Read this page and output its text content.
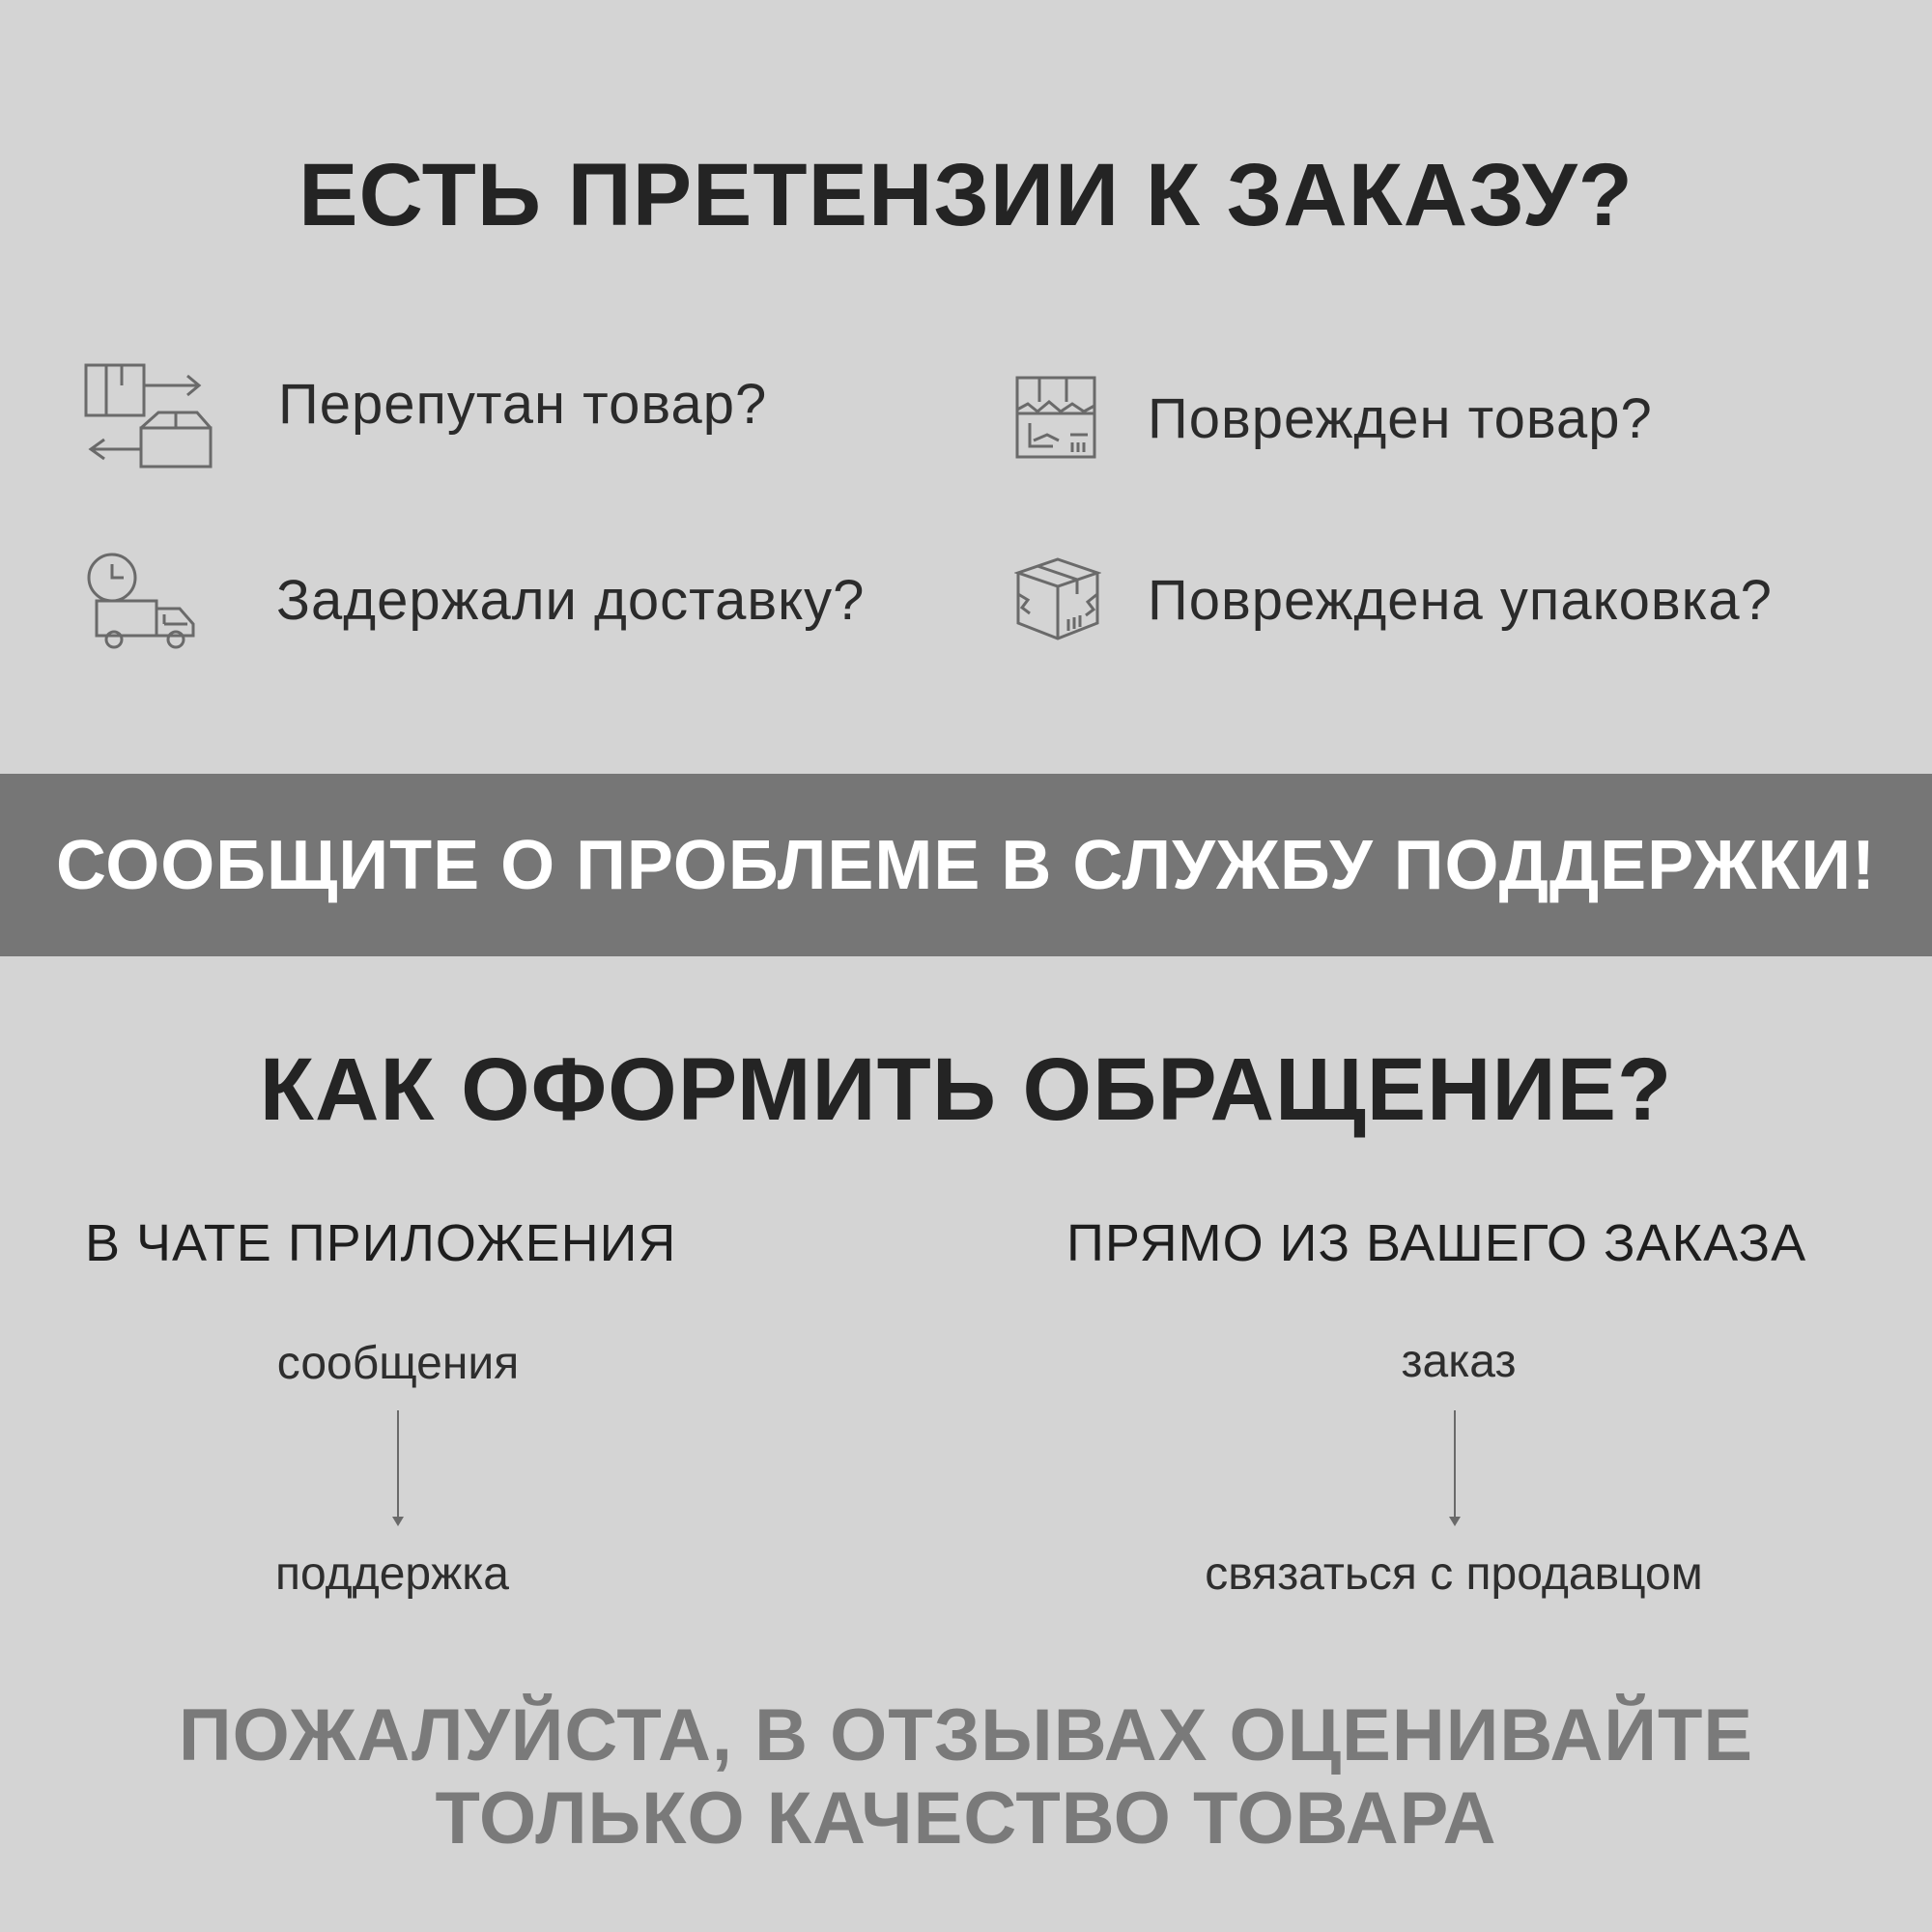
ЕСТЬ ПРЕТЕНЗИИ К ЗАКАЗУ?
Перепутан товар?	Поврежден товар?
Задержали доставку?	Повреждена упаковка?
СООБЩИТЕ О ПРОБЛЕМЕ В СЛУЖБУ ПОДДЕРЖКИ!
КАК ОФОРМИТЬ ОБРАЩЕНИЕ?
В ЧАТЕ ПРИЛОЖЕНИЯ
сообщения
поддержка
ПРЯМО ИЗ ВАШЕГО ЗАКАЗА
заказ
связаться с продавцом
ПОЖАЛУЙСТА, В ОТЗЫВАХ ОЦЕНИВАЙТЕ
ТОЛЬКО КАЧЕСТВО ТОВАРА
